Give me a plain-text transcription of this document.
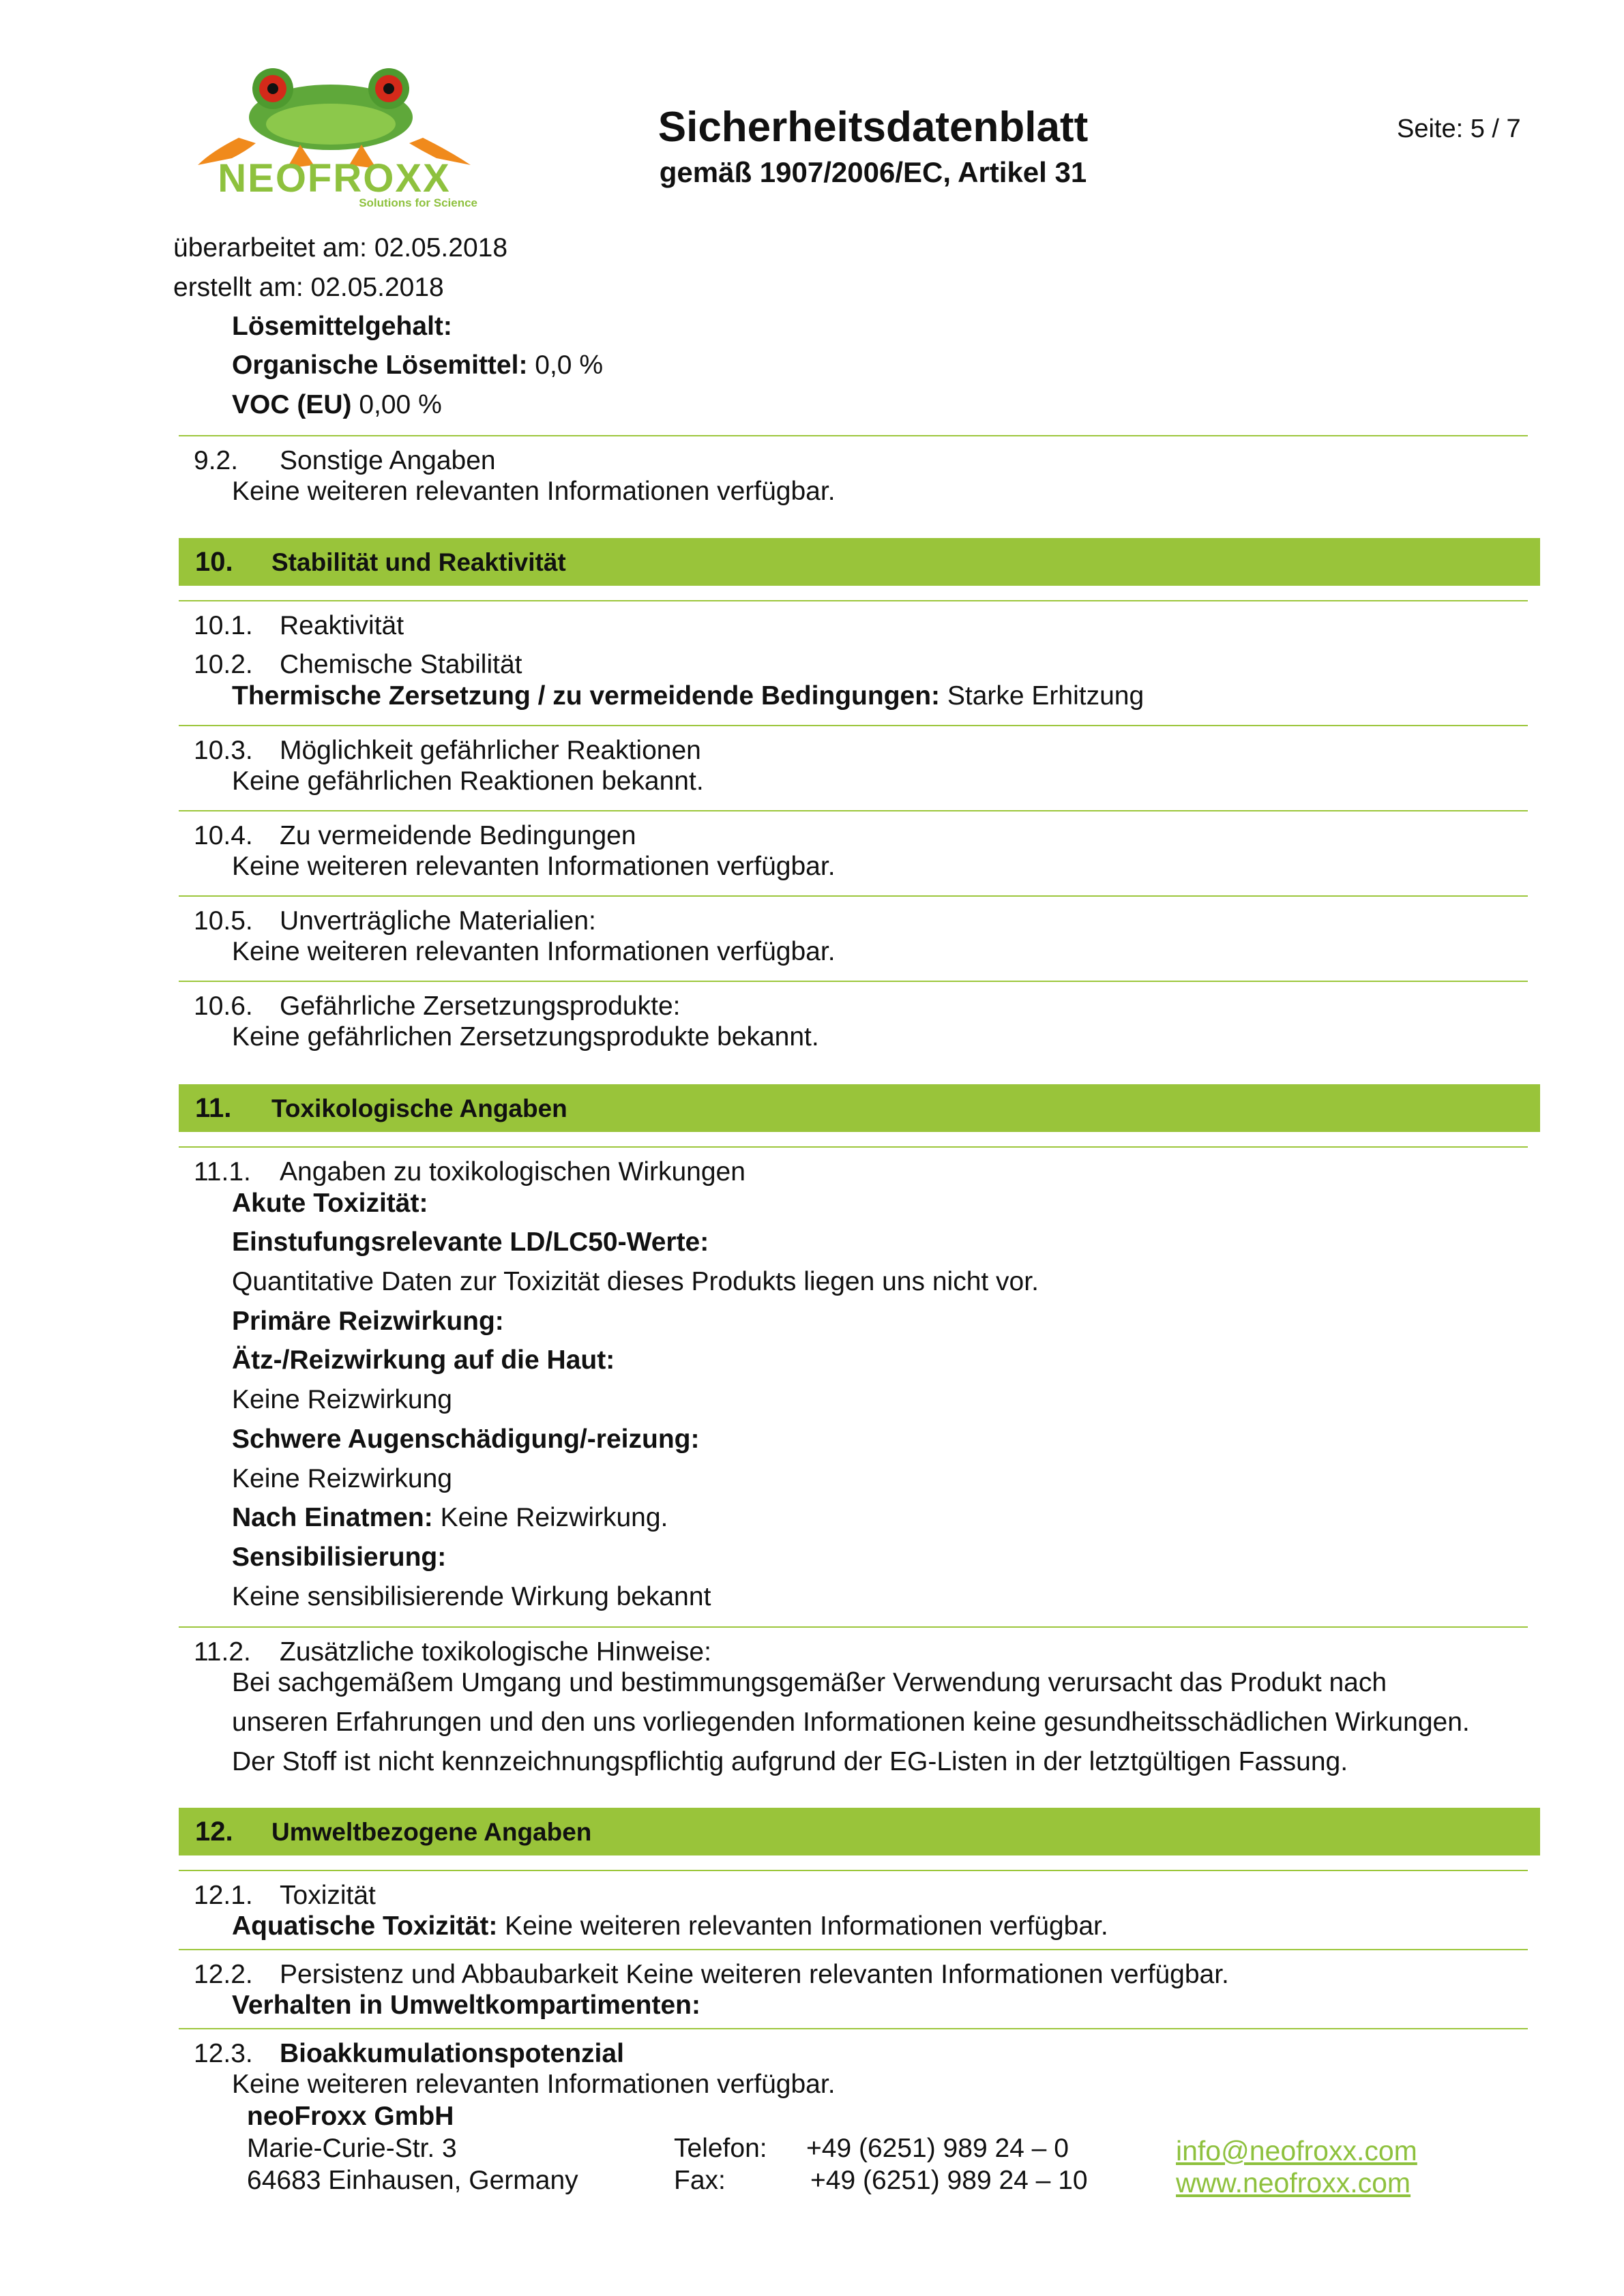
NEOFROXX
Solutions for Science
Sicherheitsdatenblatt
gemäß 1907/2006/EC, Artikel 31
Seite: 5 / 7
überarbeitet am: 02.05.2018
erstellt am: 02.05.2018
Lösemittelgehalt:
Organische Lösemittel: 0,0 %
VOC (EU) 0,00 %
9.2. Sonstige Angaben
Keine weiteren relevanten Informationen verfügbar.
10. Stabilität und Reaktivität
10.1. Reaktivität
10.2. Chemische Stabilität
Thermische Zersetzung / zu vermeidende Bedingungen: Starke Erhitzung
10.3. Möglichkeit gefährlicher Reaktionen
Keine gefährlichen Reaktionen bekannt.
10.4. Zu vermeidende Bedingungen
Keine weiteren relevanten Informationen verfügbar.
10.5. Unverträgliche Materialien:
Keine weiteren relevanten Informationen verfügbar.
10.6. Gefährliche Zersetzungsprodukte:
Keine gefährlichen Zersetzungsprodukte bekannt.
11. Toxikologische Angaben
11.1. Angaben zu toxikologischen Wirkungen
Akute Toxizität:
Einstufungsrelevante LD/LC50-Werte:
Quantitative Daten zur Toxizität dieses Produkts liegen uns nicht vor.
Primäre Reizwirkung:
Ätz-/Reizwirkung auf die Haut:
Keine Reizwirkung
Schwere Augenschädigung/-reizung:
Keine Reizwirkung
Nach Einatmen: Keine Reizwirkung.
Sensibilisierung:
Keine sensibilisierende Wirkung bekannt
11.2. Zusätzliche toxikologische Hinweise:
Bei sachgemäßem Umgang und bestimmungsgemäßer Verwendung verursacht das Produkt nach
unseren Erfahrungen und den uns vorliegenden Informationen keine gesundheitsschädlichen Wirkungen.
Der Stoff ist nicht kennzeichnungspflichtig aufgrund der EG-Listen in der letztgültigen Fassung.
12. Umweltbezogene Angaben
12.1. Toxizität
Aquatische Toxizität: Keine weiteren relevanten Informationen verfügbar.
12.2. Persistenz und Abbaubarkeit Keine weiteren relevanten Informationen verfügbar.
Verhalten in Umweltkompartimenten:
12.3. Bioakkumulationspotenzial
Keine weiteren relevanten Informationen verfügbar.
neoFroxx GmbH
Marie-Curie-Str. 3
64683 Einhausen, Germany
Telefon: +49 (6251) 989 24 – 0
Fax:	+49 (6251) 989 24 – 10
info@neofroxx.com
www.neofroxx.com
